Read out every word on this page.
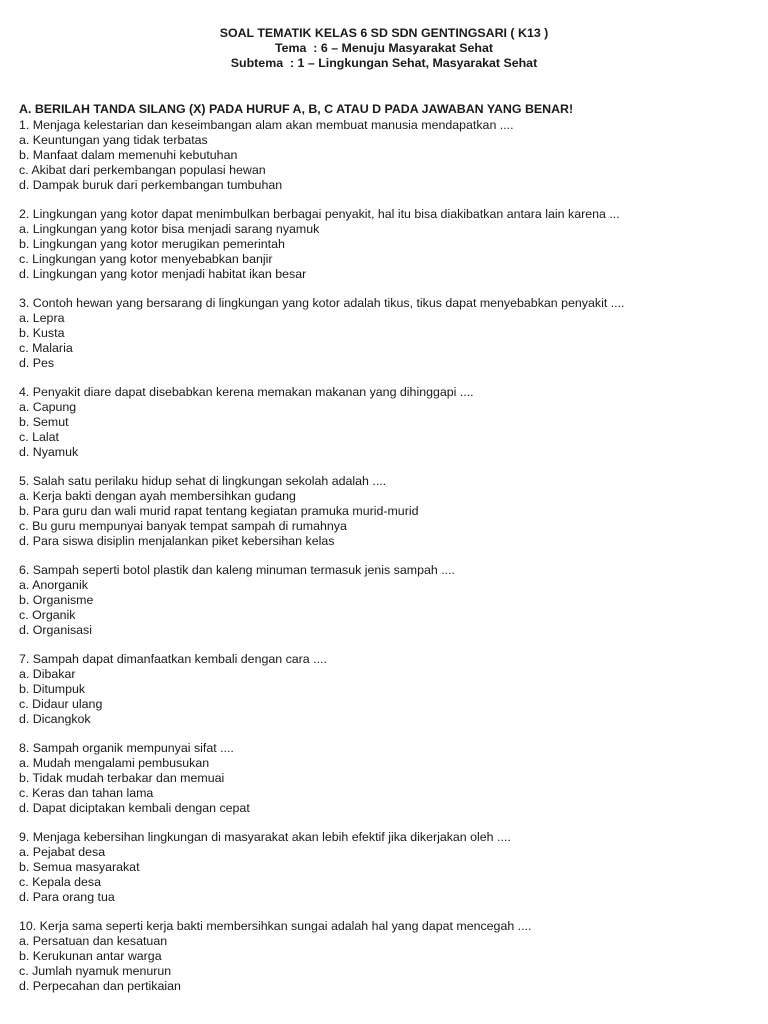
SOAL TEMATIK KELAS 6 SD SDN GENTINGSARI ( K13 )
Tema  : 6 – Menuju Masyarakat Sehat
Subtema  : 1 – Lingkungan Sehat, Masyarakat Sehat
A. BERILAH TANDA SILANG (X) PADA HURUF A, B, C ATAU D PADA JAWABAN YANG BENAR!
1. Menjaga kelestarian dan keseimbangan alam akan membuat manusia mendapatkan ....
a. Keuntungan yang tidak terbatas
b. Manfaat dalam memenuhi kebutuhan
c. Akibat dari perkembangan populasi hewan
d. Dampak buruk dari perkembangan tumbuhan
2. Lingkungan yang kotor dapat menimbulkan berbagai penyakit, hal itu bisa diakibatkan antara lain karena ...
a. Lingkungan yang kotor bisa menjadi sarang nyamuk
b. Lingkungan yang kotor merugikan pemerintah
c. Lingkungan yang kotor menyebabkan banjir
d. Lingkungan yang kotor menjadi habitat ikan besar
3. Contoh hewan yang bersarang di lingkungan yang kotor adalah tikus, tikus dapat menyebabkan penyakit ....
a. Lepra
b. Kusta
c. Malaria
d. Pes
4. Penyakit diare dapat disebabkan kerena memakan makanan yang dihinggapi ....
a. Capung
b. Semut
c. Lalat
d. Nyamuk
5. Salah satu perilaku hidup sehat di lingkungan sekolah adalah ....
a. Kerja bakti dengan ayah membersihkan gudang
b. Para guru dan wali murid rapat tentang kegiatan pramuka murid-murid
c. Bu guru mempunyai banyak tempat sampah di rumahnya
d. Para siswa disiplin menjalankan piket kebersihan kelas
6. Sampah seperti botol plastik dan kaleng minuman termasuk jenis sampah ....
a. Anorganik
b. Organisme
c. Organik
d. Organisasi
7. Sampah dapat dimanfaatkan kembali dengan cara ....
a. Dibakar
b. Ditumpuk
c. Didaur ulang
d. Dicangkok
8. Sampah organik mempunyai sifat ....
a. Mudah mengalami pembusukan
b. Tidak mudah terbakar dan memuai
c. Keras dan tahan lama
d. Dapat diciptakan kembali dengan cepat
9. Menjaga kebersihan lingkungan di masyarakat akan lebih efektif jika dikerjakan oleh ....
a. Pejabat desa
b. Semua masyarakat
c. Kepala desa
d. Para orang tua
10. Kerja sama seperti kerja bakti membersihkan sungai adalah hal yang dapat mencegah ....
a. Persatuan dan kesatuan
b. Kerukunan antar warga
c. Jumlah nyamuk menurun
d. Perpecahan dan pertikaian
